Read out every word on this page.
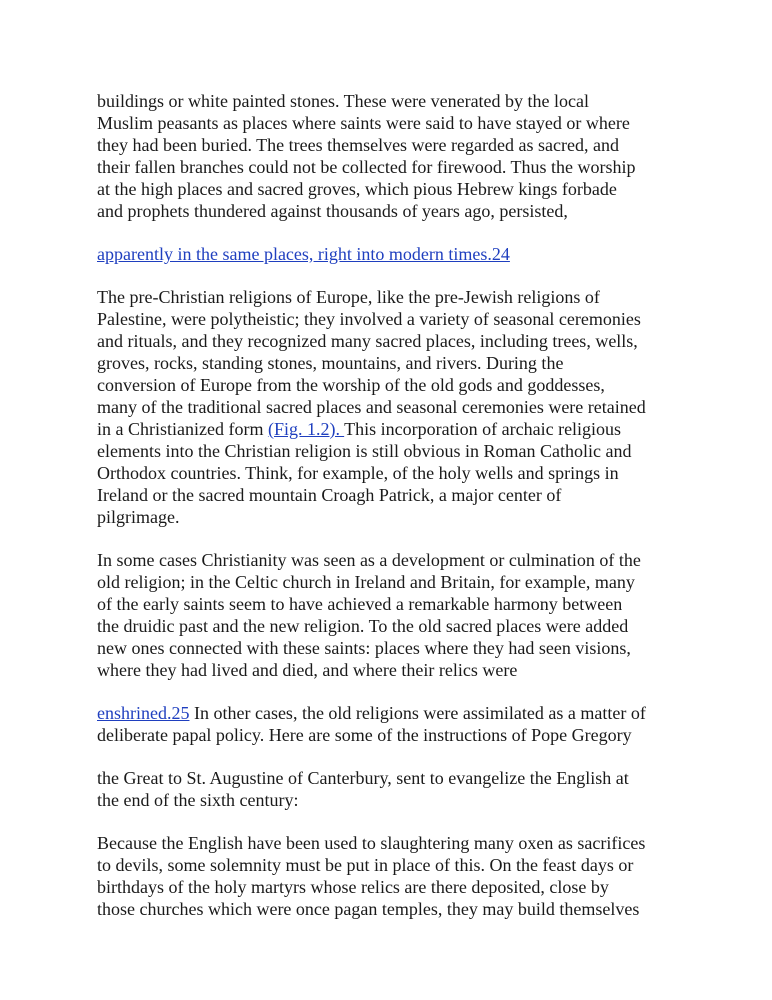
buildings or white painted stones. These were venerated by the local
Muslim peasants as places where saints were said to have stayed or where
they had been buried. The trees themselves were regarded as sacred, and
their fallen branches could not be collected for firewood. Thus the worship
at the high places and sacred groves, which pious Hebrew kings forbade
and prophets thundered against thousands of years ago, persisted,

apparently in the same places, right into modern times.24

The pre-Christian religions of Europe, like the pre-Jewish religions of
Palestine, were polytheistic; they involved a variety of seasonal ceremonies
and rituals, and they recognized many sacred places, including trees, wells,
groves, rocks, standing stones, mountains, and rivers. During the
conversion of Europe from the worship of the old gods and goddesses,
many of the traditional sacred places and seasonal ceremonies were retained
in a Christianized form (Fig. 1.2). This incorporation of archaic religious
elements into the Christian religion is still obvious in Roman Catholic and
Orthodox countries. Think, for example, of the holy wells and springs in
Ireland or the sacred mountain Croagh Patrick, a major center of
pilgrimage.

In some cases Christianity was seen as a development or culmination of the
old religion; in the Celtic church in Ireland and Britain, for example, many
of the early saints seem to have achieved a remarkable harmony between
the druidic past and the new religion. To the old sacred places were added
new ones connected with these saints: places where they had seen visions,
where they had lived and died, and where their relics were

enshrined.25 In other cases, the old religions were assimilated as a matter of
deliberate papal policy. Here are some of the instructions of Pope Gregory

the Great to St. Augustine of Canterbury, sent to evangelize the English at
the end of the sixth century:

Because the English have been used to slaughtering many oxen as sacrifices
to devils, some solemnity must be put in place of this. On the feast days or
birthdays of the holy martyrs whose relics are there deposited, close by
those churches which were once pagan temples, they may build themselves
